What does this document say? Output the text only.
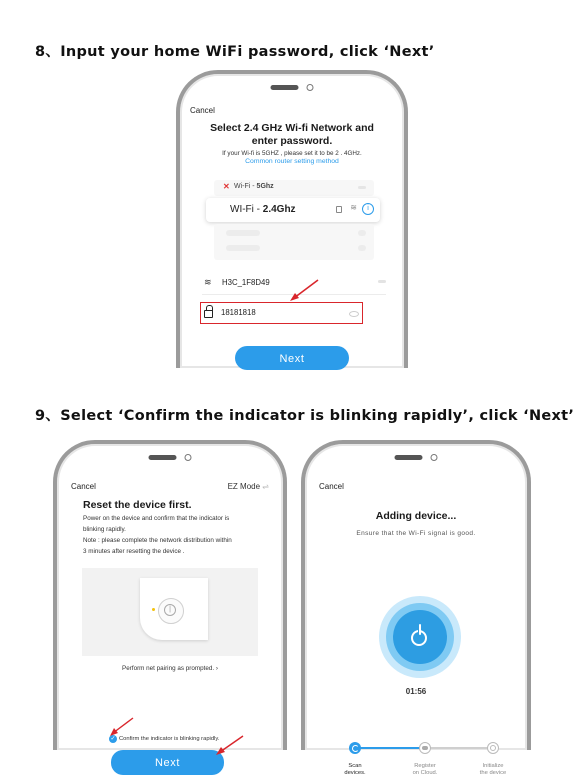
8、Input your home WiFi password, click ‘Next’
Cancel
Select 2.4 GHz Wi-fi Network and
enter password.
If your Wi-fi is 5GHZ , please set it to be 2 . 4GHz.
Common router setting method
✕ Wi-Fi - 5Ghz
WI-Fi - 2.4Ghz	≋	i
≋ H3C_1F8D49
18181818
Next
9、Select ‘Confirm the indicator is blinking rapidly’, click ‘Next’
Cancel	EZ Mode ⇌
Reset the device first.
Power on the device and confirm that the indicator is
blinking rapidly.
Note : please complete the network distribution within
3 minutes after resetting the device .
|
Perform net pairing as prompted. ›
✓ Confirm the indicator is blinking rapidly.
Next
Cancel
Adding device...
Ensure that the Wi-Fi signal is good.
01:56
Scan
devices.
Register
on Cloud.
Initialize
the device
